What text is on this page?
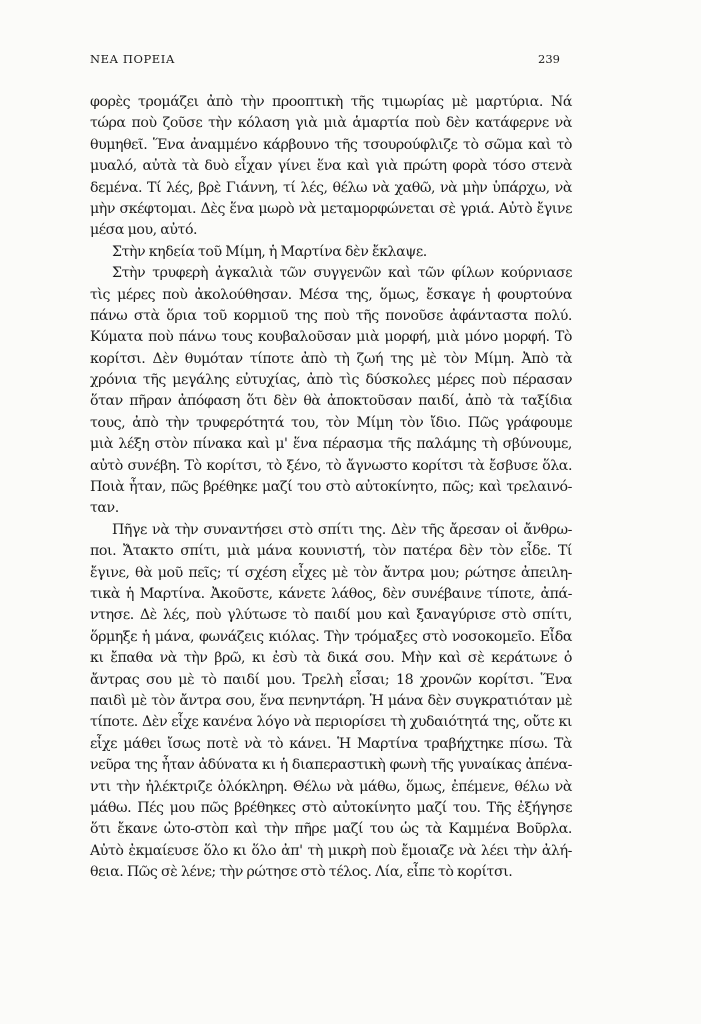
ΝΕΑ ΠΟΡΕΙΑ	239
φορὲς τρομάζει ἀπὸ τὴν προοπτικὴ τῆς τιμωρίας μὲ μαρτύρια. Νά
τώρα ποὺ ζοῦσε τὴν κόλαση γιὰ μιὰ ἁμαρτία ποὺ δὲν κατάφερνε νὰ
θυμηθεῖ. Ἕνα ἀναμμένο κάρβουνο τῆς τσουρούφλιζε τὸ σῶμα καὶ τὸ
μυαλό, αὐτὰ τὰ δυὸ εἶχαν γίνει ἕνα καὶ γιὰ πρώτη φορὰ τόσο στενὰ
δεμένα. Τί λές, βρὲ Γιάννη, τί λές, θέλω νὰ χαθῶ, νὰ μὴν ὑπάρχω, νὰ
μὴν σκέφτομαι. Δὲς ἕνα μωρὸ νὰ μεταμορφώνεται σὲ γριά. Αὐτὸ ἔγινε
μέσα μου, αὐτό.
Στὴν κηδεία τοῦ Μίμη, ἡ Μαρτίνα δὲν ἔκλαψε.
Στὴν τρυφερὴ ἀγκαλιὰ τῶν συγγενῶν καὶ τῶν φίλων κούρνιασε
τὶς μέρες ποὺ ἀκολούθησαν. Μέσα της, ὅμως, ἔσκαγε ἡ φουρτούνα
πάνω στὰ ὅρια τοῦ κορμιοῦ της ποὺ τῆς πονοῦσε ἀφάνταστα πολύ.
Κύματα ποὺ πάνω τους κουβαλοῦσαν μιὰ μορφή, μιὰ μόνο μορφή. Τὸ
κορίτσι. Δὲν θυμόταν τίποτε ἀπὸ τὴ ζωή της μὲ τὸν Μίμη. Ἀπὸ τὰ
χρόνια τῆς μεγάλης εὐτυχίας, ἀπὸ τὶς δύσκολες μέρες ποὺ πέρασαν
ὅταν πῆραν ἀπόφαση ὅτι δὲν θὰ ἀποκτοῦσαν παιδί, ἀπὸ τὰ ταξίδια
τους, ἀπὸ τὴν τρυφερότητά του, τὸν Μίμη τὸν ἴδιο. Πῶς γράφουμε
μιὰ λέξη στὸν πίνακα καὶ μ' ἕνα πέρασμα τῆς παλάμης τὴ σβύνουμε,
αὐτὸ συνέβη. Τὸ κορίτσι, τὸ ξένο, τὸ ἄγνωστο κορίτσι τὰ ἔσβυσε ὅλα.
Ποιὰ ἦταν, πῶς βρέθηκε μαζί του στὸ αὐτοκίνητο, πῶς; καὶ τρελαινό-
ταν.
Πῆγε νὰ τὴν συναντήσει στὸ σπίτι της. Δὲν τῆς ἄρεσαν οἱ ἄνθρω-
ποι. Ἄτακτο σπίτι, μιὰ μάνα κουνιστή, τὸν πατέρα δὲν τὸν εἶδε. Τί
ἔγινε, θὰ μοῦ πεῖς; τί σχέση εἶχες μὲ τὸν ἄντρα μου; ρώτησε ἀπειλη-
τικὰ ἡ Μαρτίνα. Ἀκοῦστε, κάνετε λάθος, δὲν συνέβαινε τίποτε, ἀπά-
ντησε. Δὲ λές, ποὺ γλύτωσε τὸ παιδί μου καὶ ξαναγύρισε στὸ σπίτι,
ὅρμηξε ἡ μάνα, φωνάζεις κιόλας. Τὴν τρόμαξες στὸ νοσοκομεῖο. Εἶδα
κι ἔπαθα νὰ τὴν βρῶ, κι ἐσὺ τὰ δικά σου. Μὴν καὶ σὲ κεράτωνε ὁ
ἄντρας σου μὲ τὸ παιδί μου. Τρελὴ εἶσαι; 18 χρονῶν κορίτσι. Ἕνα
παιδὶ μὲ τὸν ἄντρα σου, ἕνα πενηντάρη. Ἡ μάνα δὲν συγκρατιόταν μὲ
τίποτε. Δὲν εἶχε κανένα λόγο νὰ περιορίσει τὴ χυδαιότητά της, οὔτε κι
εἶχε μάθει ἴσως ποτὲ νὰ τὸ κάνει. Ἡ Μαρτίνα τραβήχτηκε πίσω. Τὰ
νεῦρα της ἦταν ἀδύνατα κι ἡ διαπεραστικὴ φωνὴ τῆς γυναίκας ἀπένα-
ντι τὴν ἠλέκτριζε ὁλόκληρη. Θέλω νὰ μάθω, ὅμως, ἐπέμενε, θέλω νὰ
μάθω. Πές μου πῶς βρέθηκες στὸ αὐτοκίνητο μαζί του. Τῆς ἐξήγησε
ὅτι ἔκανε ὠτο-στὸπ καὶ τὴν πῆρε μαζί του ὡς τὰ Καμμένα Βοῦρλα.
Αὐτὸ ἐκμαίευσε ὅλο κι ὅλο ἀπ' τὴ μικρὴ ποὺ ἔμοιαζε νὰ λέει τὴν ἀλή-
θεια. Πῶς σὲ λένε; τὴν ρώτησε στὸ τέλος. Λία, εἶπε τὸ κορίτσι.
